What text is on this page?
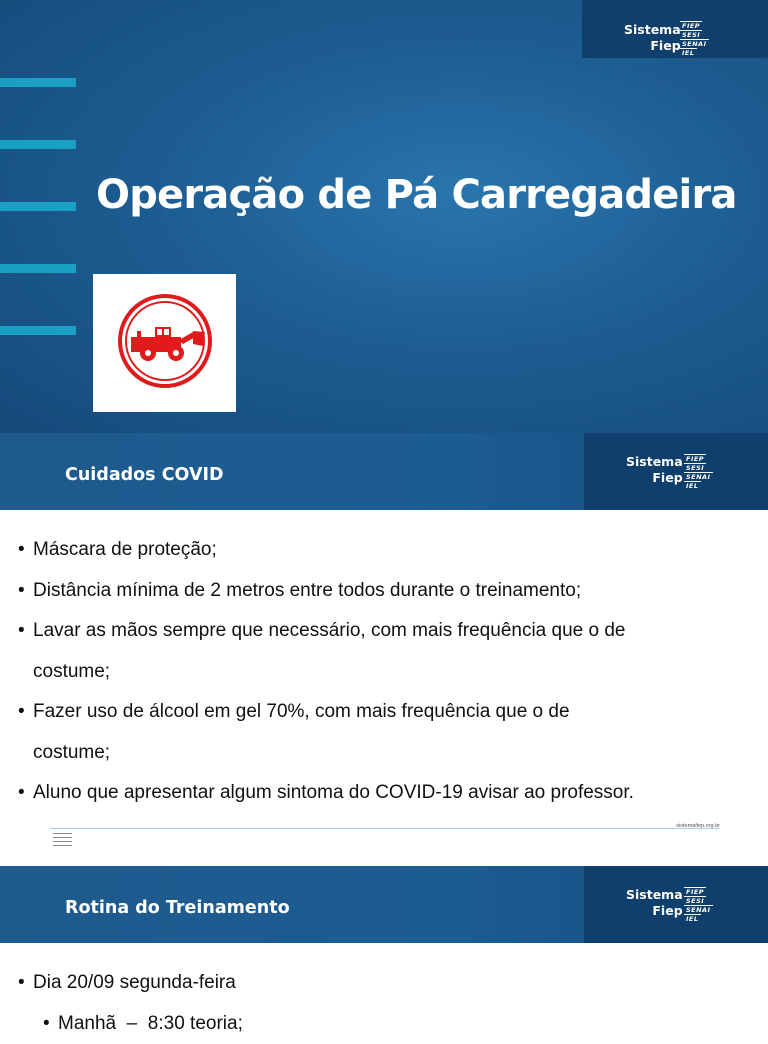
Sistema
Fiep
FIEP
SESI
SENAI
IEL
Operação de Pá Carregadeira
Cuidados COVID
Sistema
Fiep
FIEP
SESI
SENAI
IEL
• Máscara de proteção;
• Distância mínima de 2 metros entre todos durante o treinamento;
• Lavar as mãos sempre que necessário, com mais frequência que o de
costume;
• Fazer uso de álcool em gel 70%, com mais frequência que o de
costume;
• Aluno que apresentar algum sintoma do COVID-19 avisar ao professor.
sistemafiep.org.br
Rotina do Treinamento
Sistema
Fiep
FIEP
SESI
SENAI
IEL
• Dia 20/09 segunda-feira
• Manhã  –  8:30 teoria;
